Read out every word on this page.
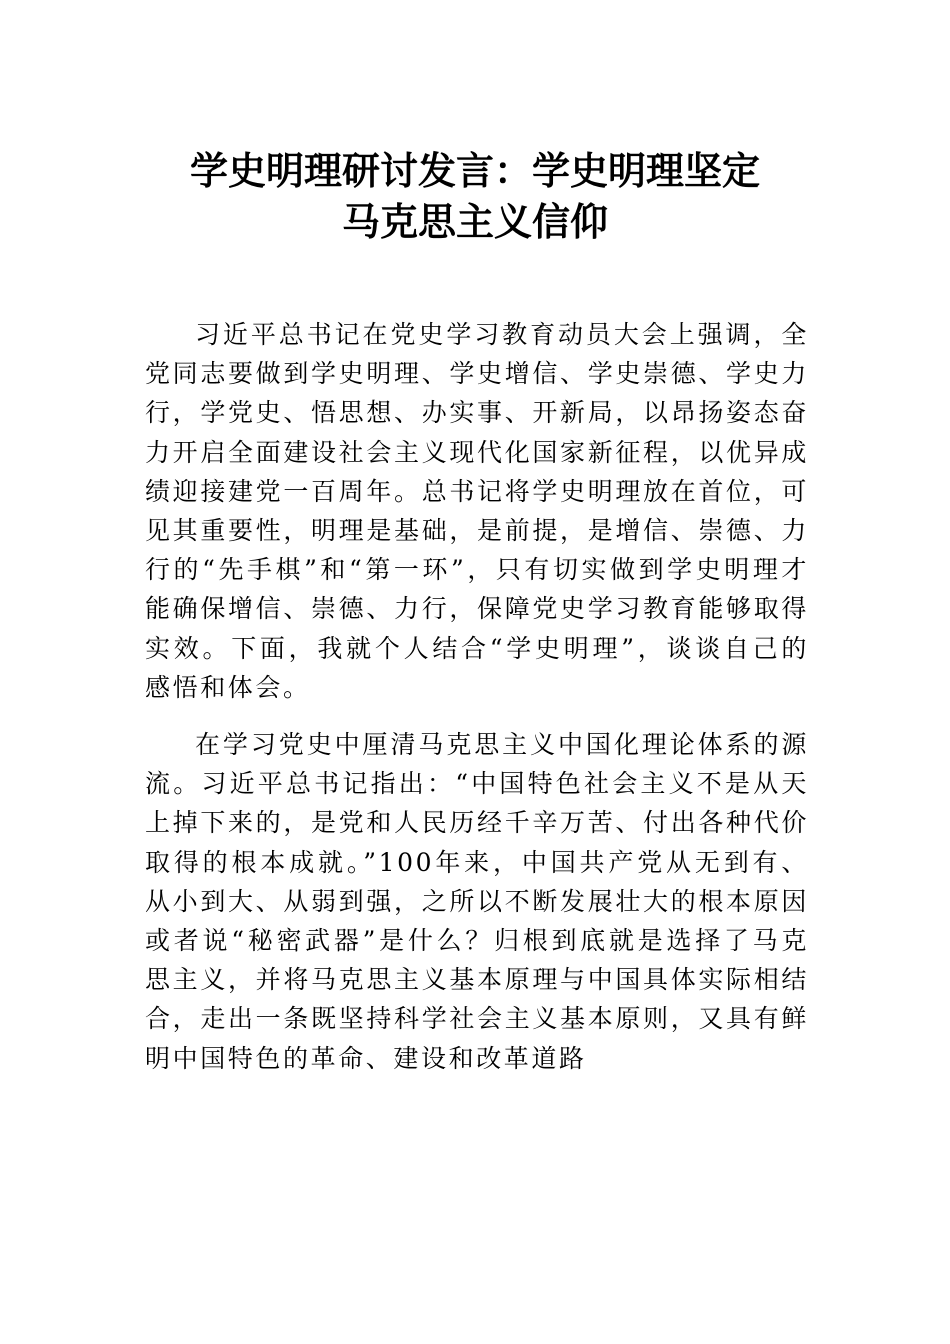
学史明理研讨发言：学史明理坚定
马克思主义信仰

习近平总书记在党史学习教育动员大会上强调，全党同志要做到学史明理、学史增信、学史崇德、学史力行，学党史、悟思想、办实事、开新局，以昂扬姿态奋力开启全面建设社会主义现代化国家新征程，以优异成绩迎接建党一百周年。总书记将学史明理放在首位，可见其重要性，明理是基础，是前提，是增信、崇德、力行的“先手棋”和“第一环”，只有切实做到学史明理才能确保增信、崇德、力行，保障党史学习教育能够取得实效。下面，我就个人结合“学史明理”，谈谈自己的感悟和体会。

在学习党史中厘清马克思主义中国化理论体系的源流。习近平总书记指出：“中国特色社会主义不是从天上掉下来的，是党和人民历经千辛万苦、付出各种代价取得的根本成就。”100年来，中国共产党从无到有、从小到大、从弱到强，之所以不断发展壮大的根本原因或者说“秘密武器”是什么？归根到底就是选择了马克思主义，并将马克思主义基本原理与中国具体实际相结合，走出一条既坚持科学社会主义基本原则，又具有鲜明中国特色的革命、建设和改革道路
